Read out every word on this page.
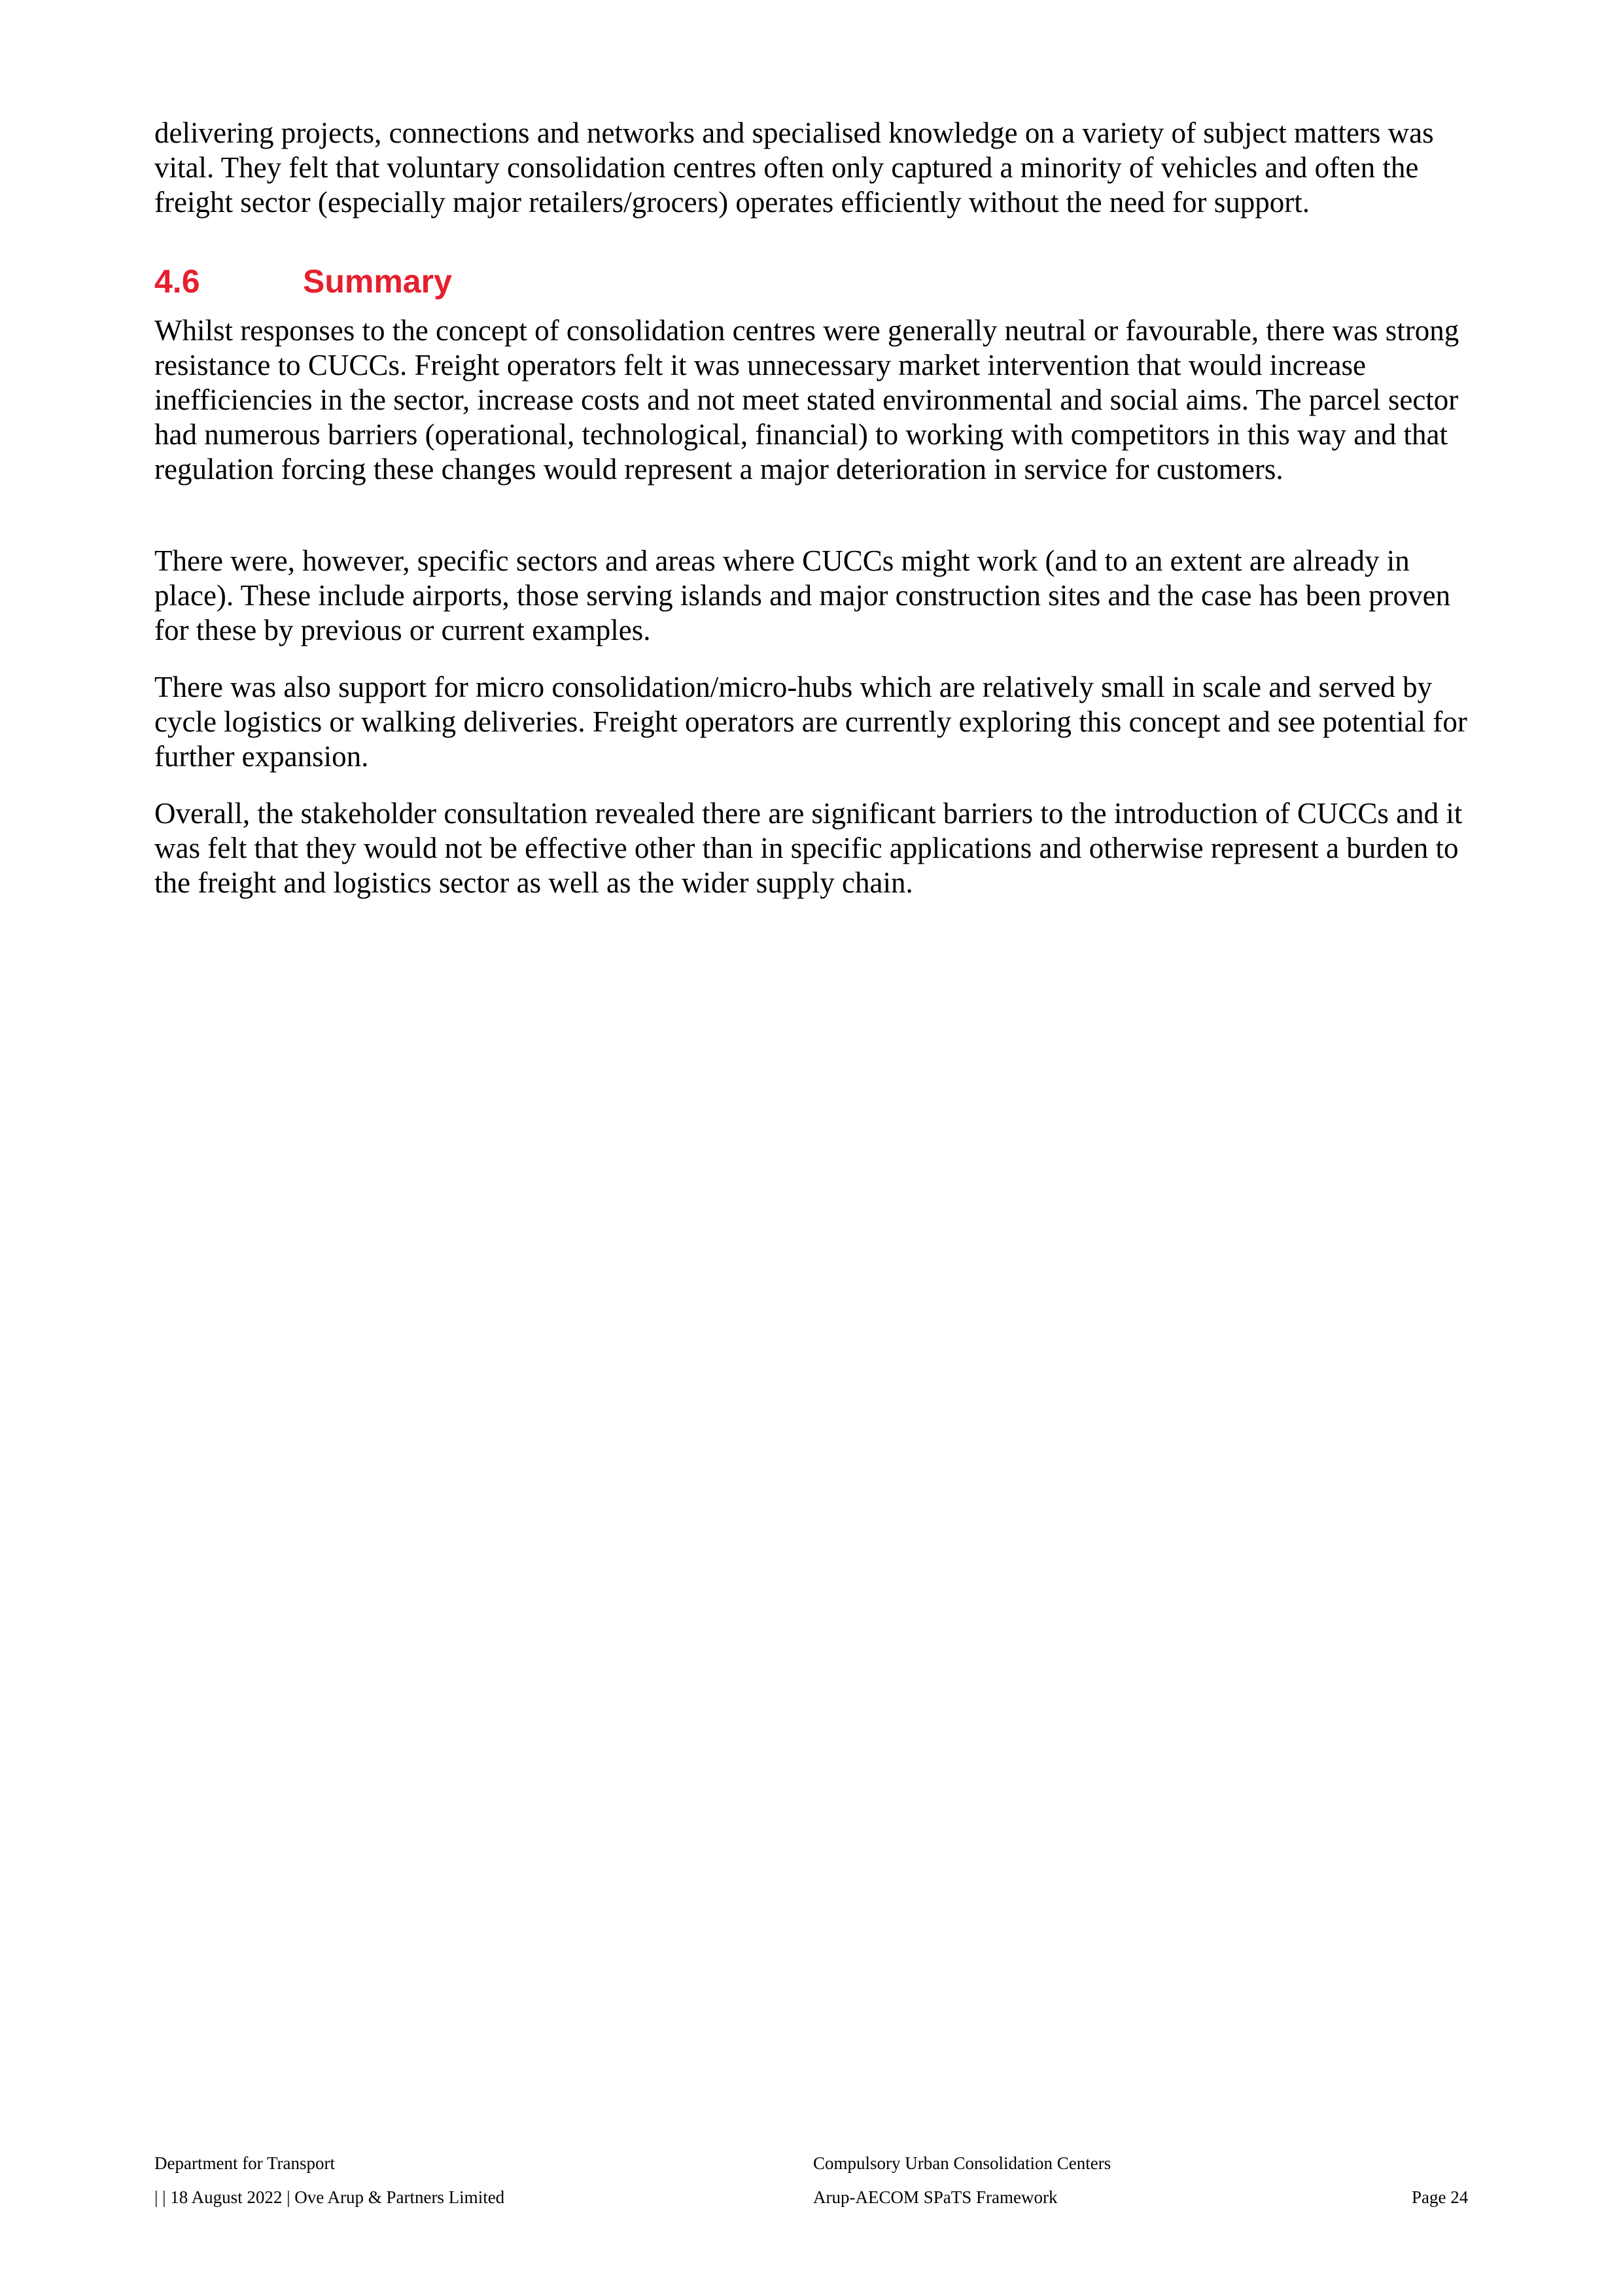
delivering projects, connections and networks and specialised knowledge on a variety of subject matters was vital. They felt that voluntary consolidation centres often only captured a minority of vehicles and often the freight sector (especially major retailers/grocers) operates efficiently without the need for support.

4.6	Summary

Whilst responses to the concept of consolidation centres were generally neutral or favourable, there was strong resistance to CUCCs. Freight operators felt it was unnecessary market intervention that would increase inefficiencies in the sector, increase costs and not meet stated environmental and social aims. The parcel sector had numerous barriers (operational, technological, financial) to working with competitors in this way and that regulation forcing these changes would represent a major deterioration in service for customers.

There were, however, specific sectors and areas where CUCCs might work (and to an extent are already in place). These include airports, those serving islands and major construction sites and the case has been proven for these by previous or current examples.

There was also support for micro consolidation/micro-hubs which are relatively small in scale and served by cycle logistics or walking deliveries. Freight operators are currently exploring this concept and see potential for further expansion.

Overall, the stakeholder consultation revealed there are significant barriers to the introduction of CUCCs and it was felt that they would not be effective other than in specific applications and otherwise represent a burden to the freight and logistics sector as well as the wider supply chain.

Department for Transport
| | 18 August 2022 | Ove Arup & Partners Limited
Compulsory Urban Consolidation Centers
Arup-AECOM SPaTS Framework	Page 24
